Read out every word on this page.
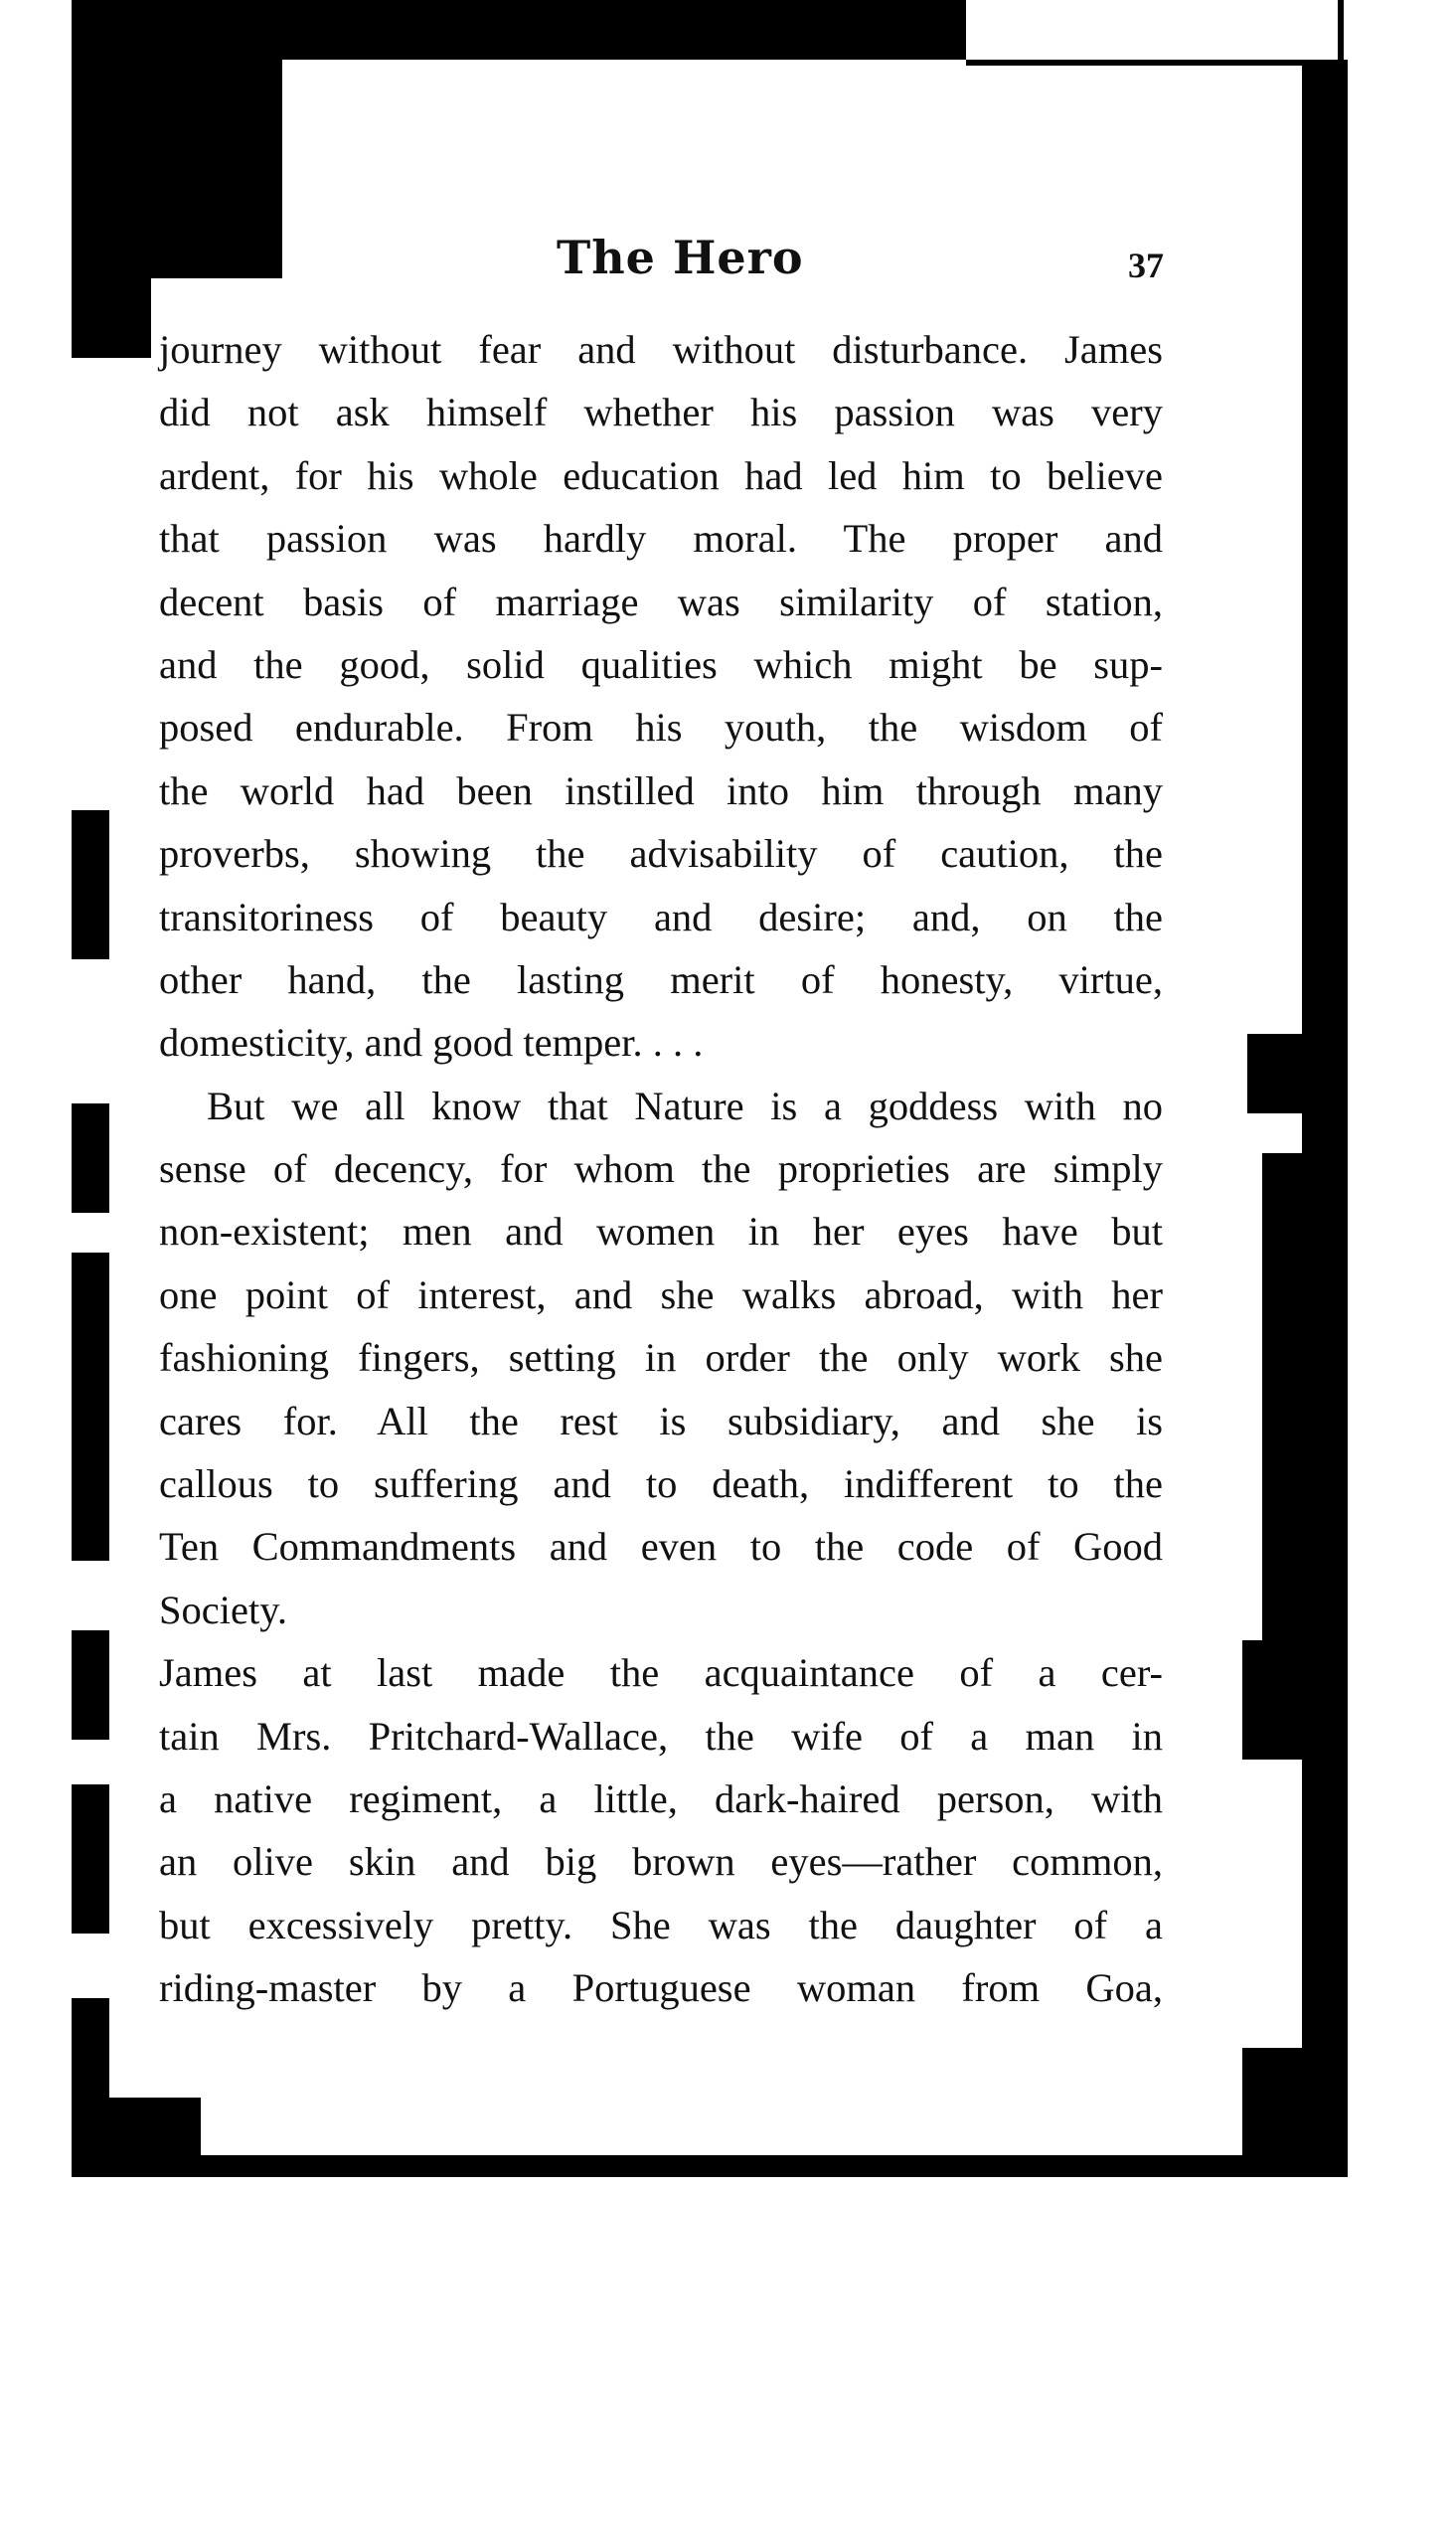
The Hero	37
journey without fear and without disturbance. James
did not ask himself whether his passion was very
ardent, for his whole education had led him to believe
that passion was hardly moral. The proper and
decent basis of marriage was similarity of station,
and the good, solid qualities which might be sup-
posed endurable. From his youth, the wisdom of
the world had been instilled into him through many
proverbs, showing the advisability of caution, the
transitoriness of beauty and desire; and, on the
other hand, the lasting merit of honesty, virtue,
domesticity, and good temper. . . .
But we all know that Nature is a goddess with no
sense of decency, for whom the proprieties are simply
non-existent; men and women in her eyes have but
one point of interest, and she walks abroad, with her
fashioning fingers, setting in order the only work she
cares for. All the rest is subsidiary, and she is
callous to suffering and to death, indifferent to the
Ten Commandments and even to the code of Good
Society.
James at last made the acquaintance of a cer-
tain Mrs. Pritchard-Wallace, the wife of a man in
a native regiment, a little, dark-haired person, with
an olive skin and big brown eyes—rather common,
but excessively pretty. She was the daughter of a
riding-master by a Portuguese woman from Goa,
